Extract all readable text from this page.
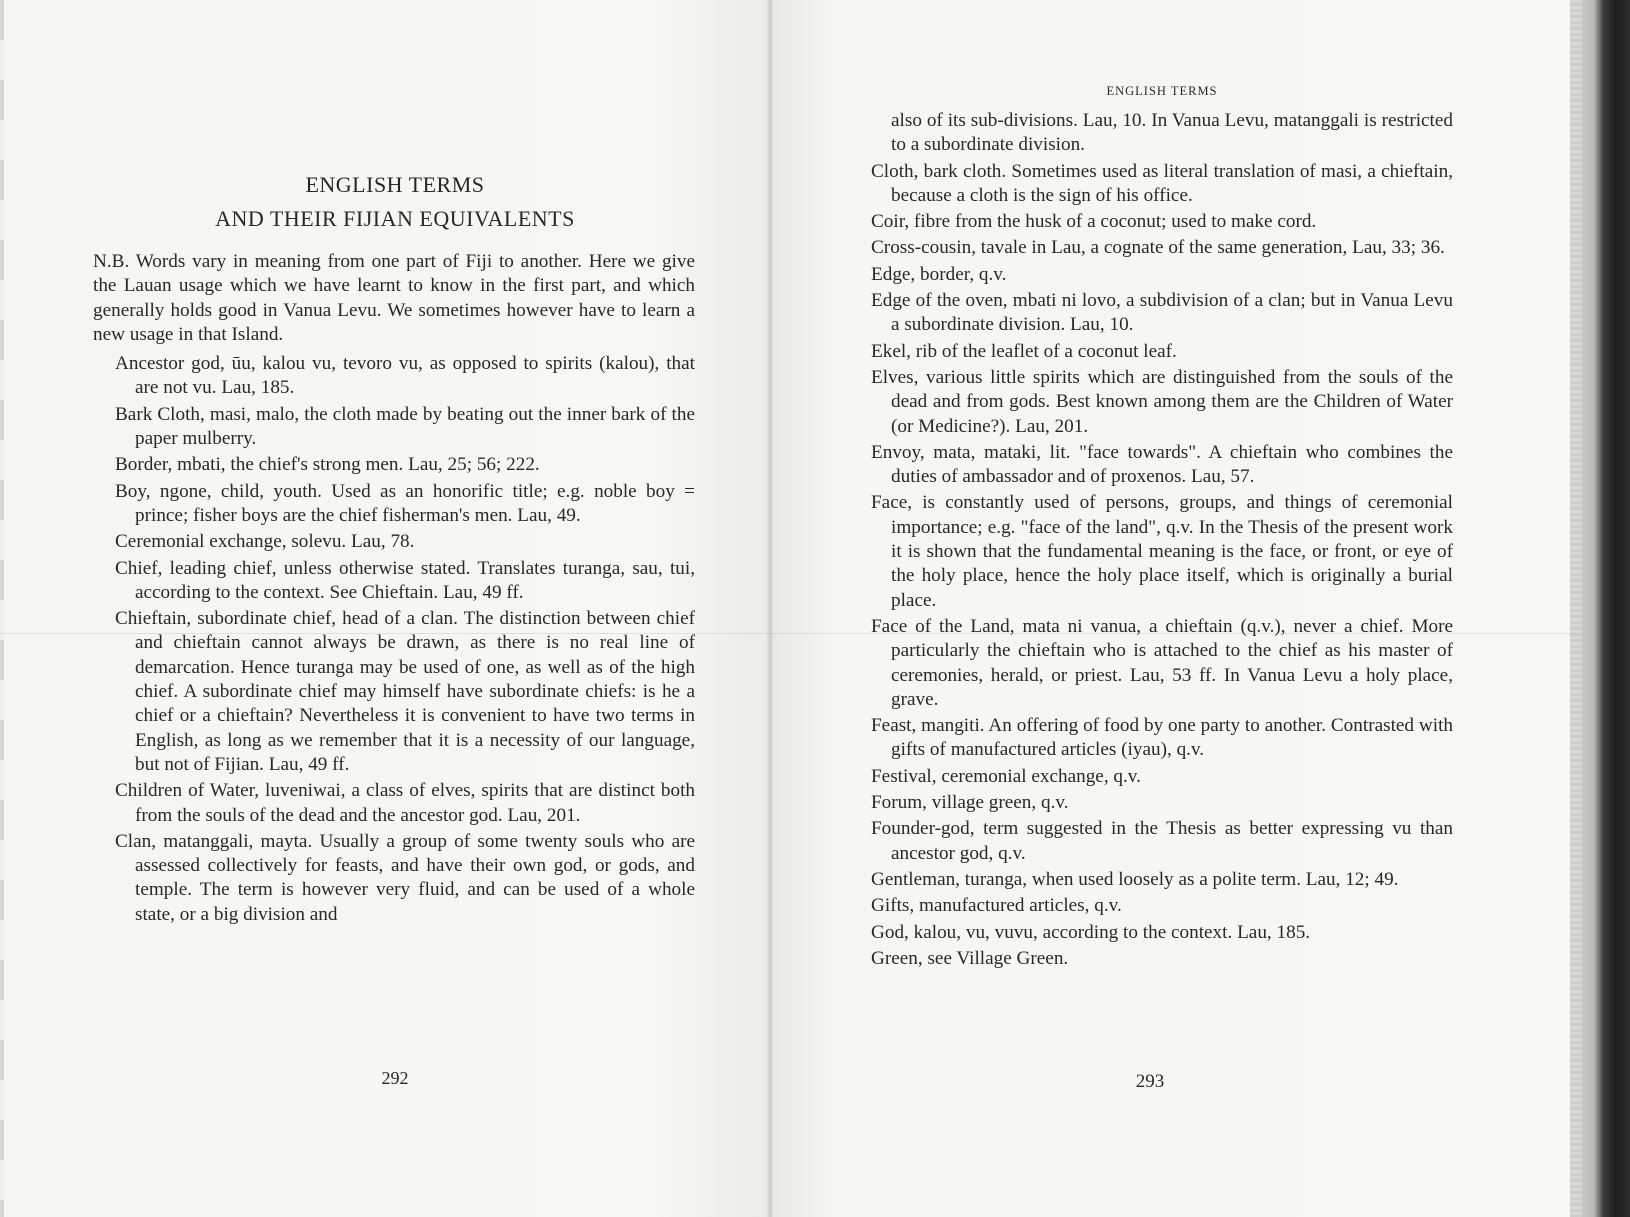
ENGLISH TERMS
AND THEIR FIJIAN EQUIVALENTS

N.B. Words vary in meaning from one part of Fiji to another. Here we give the Lauan usage which we have learnt to know in the first part, and which generally holds good in Vanua Levu. We sometimes however have to learn a new usage in that Island.

Ancestor god, ūu, kalou vu, tevoro vu, as opposed to spirits (kalou), that are not vu. Lau, 185.

Bark Cloth, masi, malo, the cloth made by beating out the inner bark of the paper mulberry.

Border, mbati, the chief's strong men. Lau, 25; 56; 222.

Boy, ngone, child, youth. Used as an honorific title; e.g. noble boy = prince; fisher boys are the chief fisherman's men. Lau, 49.

Ceremonial exchange, solevu. Lau, 78.

Chief, leading chief, unless otherwise stated. Translates turanga, sau, tui, according to the context. See Chieftain. Lau, 49 ff.

Chieftain, subordinate chief, head of a clan. The distinction between chief and chieftain cannot always be drawn, as there is no real line of demarcation. Hence turanga may be used of one, as well as of the high chief. A subordinate chief may himself have subordinate chiefs: is he a chief or a chieftain? Nevertheless it is convenient to have two terms in English, as long as we remember that it is a necessity of our language, but not of Fijian. Lau, 49 ff.

Children of Water, luveniwai, a class of elves, spirits that are distinct both from the souls of the dead and the ancestor god. Lau, 201.

Clan, matanggali, mayta. Usually a group of some twenty souls who are assessed collectively for feasts, and have their own god, or gods, and temple. The term is however very fluid, and can be used of a whole state, or a big division and

292
ENGLISH TERMS

also of its sub-divisions. Lau, 10. In Vanua Levu, matanggali is restricted to a subordinate division.

Cloth, bark cloth. Sometimes used as literal translation of masi, a chieftain, because a cloth is the sign of his office.

Coir, fibre from the husk of a coconut; used to make cord.

Cross-cousin, tavale in Lau, a cognate of the same generation, Lau, 33; 36.

Edge, border, q.v.

Edge of the oven, mbati ni lovo, a subdivision of a clan; but in Vanua Levu a subordinate division. Lau, 10.

Ekel, rib of the leaflet of a coconut leaf.

Elves, various little spirits which are distinguished from the souls of the dead and from gods. Best known among them are the Children of Water (or Medicine?). Lau, 201.

Envoy, mata, mataki, lit. "face towards". A chieftain who combines the duties of ambassador and of proxenos. Lau, 57.

Face, is constantly used of persons, groups, and things of ceremonial importance; e.g. "face of the land", q.v. In the Thesis of the present work it is shown that the fundamental meaning is the face, or front, or eye of the holy place, hence the holy place itself, which is originally a burial place.

Face of the Land, mata ni vanua, a chieftain (q.v.), never a chief. More particularly the chieftain who is attached to the chief as his master of ceremonies, herald, or priest. Lau, 53 ff. In Vanua Levu a holy place, grave.

Feast, mangiti. An offering of food by one party to another. Contrasted with gifts of manufactured articles (iyau), q.v.

Festival, ceremonial exchange, q.v.

Forum, village green, q.v.

Founder-god, term suggested in the Thesis as better expressing vu than ancestor god, q.v.

Gentleman, turanga, when used loosely as a polite term. Lau, 12; 49.

Gifts, manufactured articles, q.v.

God, kalou, vu, vuvu, according to the context. Lau, 185.

Green, see Village Green.

293
